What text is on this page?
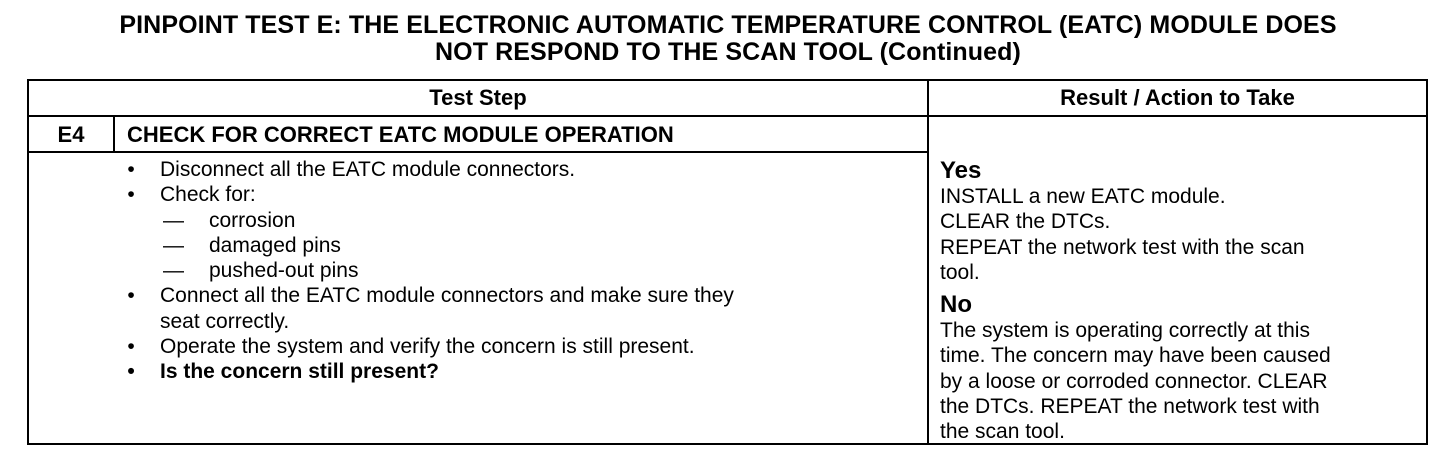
PINPOINT TEST E: THE ELECTRONIC AUTOMATIC TEMPERATURE CONTROL (EATC) MODULE DOES
NOT RESPOND TO THE SCAN TOOL (Continued)
Test Step	Result / Action to Take
E4	CHECK FOR CORRECT EATC MODULE OPERATION
• Disconnect all the EATC module connectors.
• Check for:
— corrosion
— damaged pins
— pushed-out pins
• Connect all the EATC module connectors and make sure they
seat correctly.
• Operate the system and verify the concern is still present.
• Is the concern still present?
Yes
INSTALL a new EATC module.
CLEAR the DTCs.
REPEAT the network test with the scan
tool.
No
The system is operating correctly at this
time. The concern may have been caused
by a loose or corroded connector. CLEAR
the DTCs. REPEAT the network test with
the scan tool.
